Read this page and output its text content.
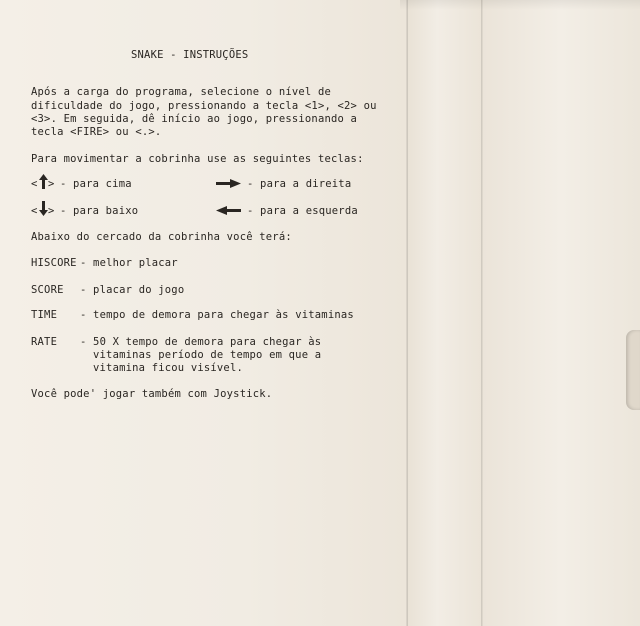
SNAKE - INSTRUÇÕES
Após a carga do programa, selecione o nível de
dificuldade do jogo, pressionando a tecla <1>, <2> ou
<3>. Em seguida, dê início ao jogo, pressionando a
tecla <FIRE> ou <.>.
Para movimentar a cobrinha use as seguintes teclas:
< > - para cima	- para a direita
< > - para baixo	- para a esquerda
Abaixo do cercado da cobrinha você terá:
HISCORE - melhor placar
SCORE - placar do jogo
TIME - tempo de demora para chegar às vitaminas
RATE - 50 X tempo de demora para chegar às
vitaminas período de tempo em que a
vitamina ficou visível.
Você pode' jogar também com Joystick.
